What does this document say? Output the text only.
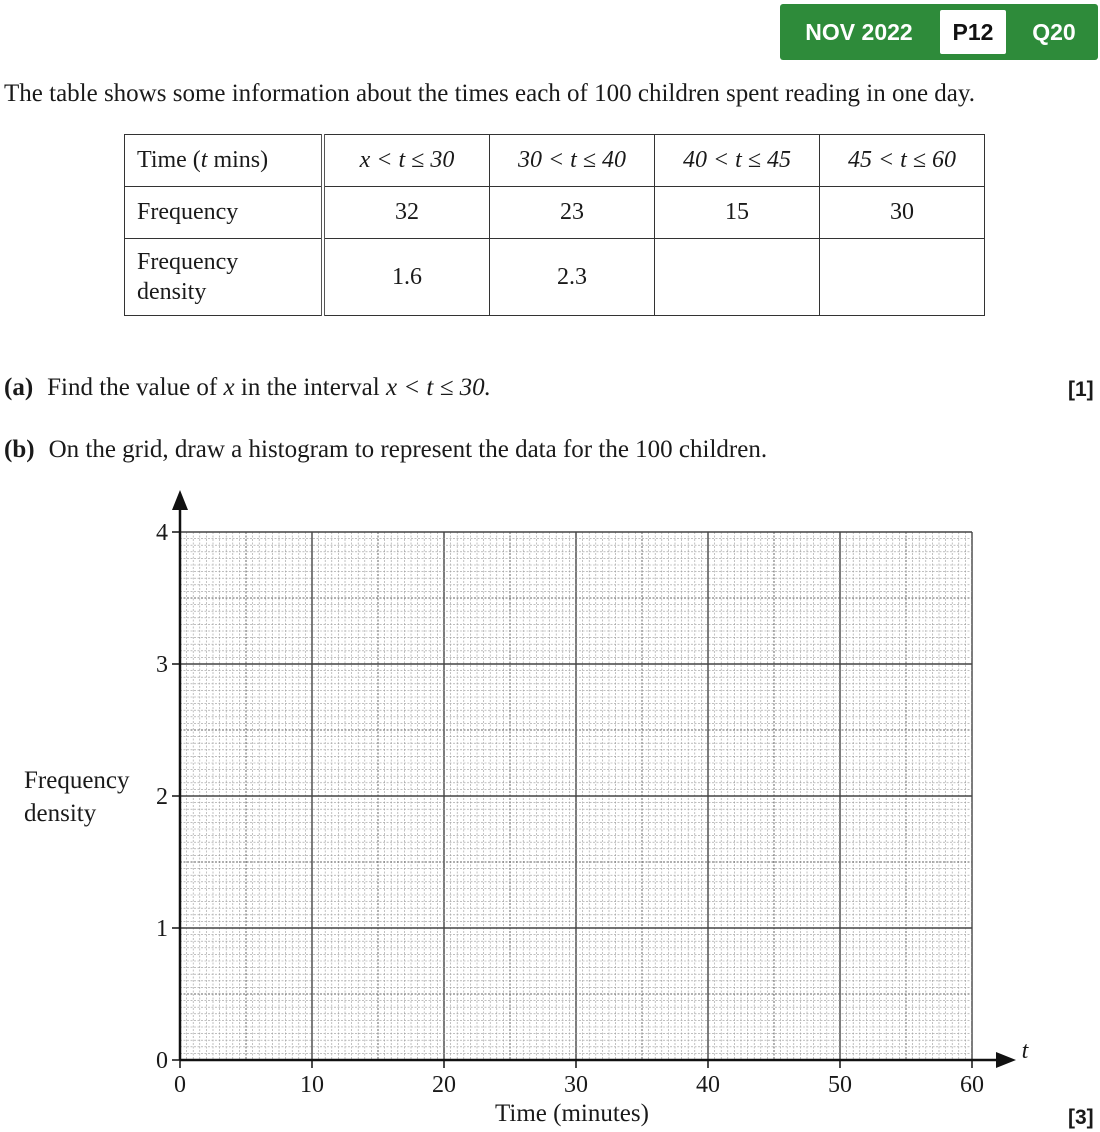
NOV 2022	P12	Q20
The table shows some information about the times each of 100 children spent reading in one day.
Time (t mins)	x < t ≤ 30	30 < t ≤ 40	40 < t ≤ 45	45 < t ≤ 60
Frequency	32	23	15	30
Frequency
density	1.6	2.3		
(a) Find the value of x in the interval x < t ≤ 30.	[1]
(b) On the grid, draw a histogram to represent the data for the 100 children.
Frequency
density
Time (minutes)	[3]
0
1
2
3
4
0	10	20	30	40	50	60
t
